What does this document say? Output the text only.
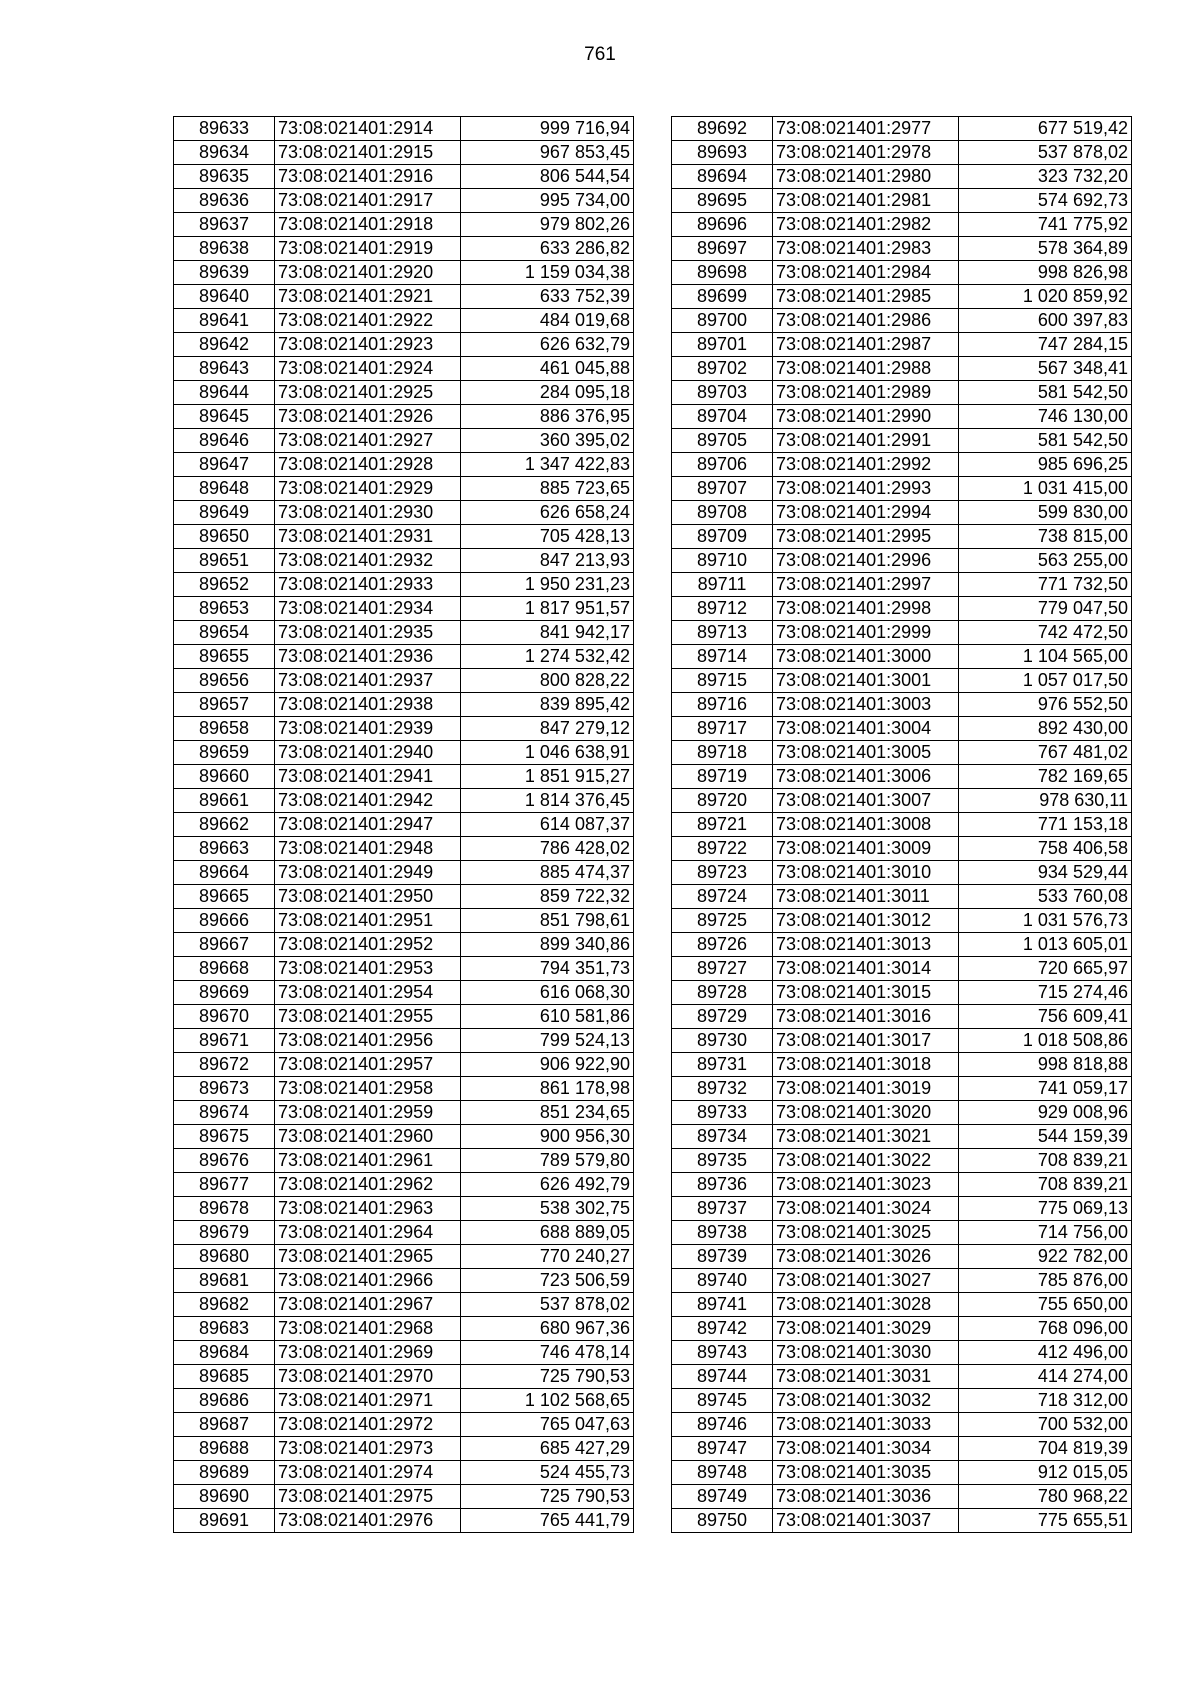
761
89633	73:08:021401:2914	999 716,94
89634	73:08:021401:2915	967 853,45
89635	73:08:021401:2916	806 544,54
89636	73:08:021401:2917	995 734,00
89637	73:08:021401:2918	979 802,26
89638	73:08:021401:2919	633 286,82
89639	73:08:021401:2920	1 159 034,38
89640	73:08:021401:2921	633 752,39
89641	73:08:021401:2922	484 019,68
89642	73:08:021401:2923	626 632,79
89643	73:08:021401:2924	461 045,88
89644	73:08:021401:2925	284 095,18
89645	73:08:021401:2926	886 376,95
89646	73:08:021401:2927	360 395,02
89647	73:08:021401:2928	1 347 422,83
89648	73:08:021401:2929	885 723,65
89649	73:08:021401:2930	626 658,24
89650	73:08:021401:2931	705 428,13
89651	73:08:021401:2932	847 213,93
89652	73:08:021401:2933	1 950 231,23
89653	73:08:021401:2934	1 817 951,57
89654	73:08:021401:2935	841 942,17
89655	73:08:021401:2936	1 274 532,42
89656	73:08:021401:2937	800 828,22
89657	73:08:021401:2938	839 895,42
89658	73:08:021401:2939	847 279,12
89659	73:08:021401:2940	1 046 638,91
89660	73:08:021401:2941	1 851 915,27
89661	73:08:021401:2942	1 814 376,45
89662	73:08:021401:2947	614 087,37
89663	73:08:021401:2948	786 428,02
89664	73:08:021401:2949	885 474,37
89665	73:08:021401:2950	859 722,32
89666	73:08:021401:2951	851 798,61
89667	73:08:021401:2952	899 340,86
89668	73:08:021401:2953	794 351,73
89669	73:08:021401:2954	616 068,30
89670	73:08:021401:2955	610 581,86
89671	73:08:021401:2956	799 524,13
89672	73:08:021401:2957	906 922,90
89673	73:08:021401:2958	861 178,98
89674	73:08:021401:2959	851 234,65
89675	73:08:021401:2960	900 956,30
89676	73:08:021401:2961	789 579,80
89677	73:08:021401:2962	626 492,79
89678	73:08:021401:2963	538 302,75
89679	73:08:021401:2964	688 889,05
89680	73:08:021401:2965	770 240,27
89681	73:08:021401:2966	723 506,59
89682	73:08:021401:2967	537 878,02
89683	73:08:021401:2968	680 967,36
89684	73:08:021401:2969	746 478,14
89685	73:08:021401:2970	725 790,53
89686	73:08:021401:2971	1 102 568,65
89687	73:08:021401:2972	765 047,63
89688	73:08:021401:2973	685 427,29
89689	73:08:021401:2974	524 455,73
89690	73:08:021401:2975	725 790,53
89691	73:08:021401:2976	765 441,79
89692	73:08:021401:2977	677 519,42
89693	73:08:021401:2978	537 878,02
89694	73:08:021401:2980	323 732,20
89695	73:08:021401:2981	574 692,73
89696	73:08:021401:2982	741 775,92
89697	73:08:021401:2983	578 364,89
89698	73:08:021401:2984	998 826,98
89699	73:08:021401:2985	1 020 859,92
89700	73:08:021401:2986	600 397,83
89701	73:08:021401:2987	747 284,15
89702	73:08:021401:2988	567 348,41
89703	73:08:021401:2989	581 542,50
89704	73:08:021401:2990	746 130,00
89705	73:08:021401:2991	581 542,50
89706	73:08:021401:2992	985 696,25
89707	73:08:021401:2993	1 031 415,00
89708	73:08:021401:2994	599 830,00
89709	73:08:021401:2995	738 815,00
89710	73:08:021401:2996	563 255,00
89711	73:08:021401:2997	771 732,50
89712	73:08:021401:2998	779 047,50
89713	73:08:021401:2999	742 472,50
89714	73:08:021401:3000	1 104 565,00
89715	73:08:021401:3001	1 057 017,50
89716	73:08:021401:3003	976 552,50
89717	73:08:021401:3004	892 430,00
89718	73:08:021401:3005	767 481,02
89719	73:08:021401:3006	782 169,65
89720	73:08:021401:3007	978 630,11
89721	73:08:021401:3008	771 153,18
89722	73:08:021401:3009	758 406,58
89723	73:08:021401:3010	934 529,44
89724	73:08:021401:3011	533 760,08
89725	73:08:021401:3012	1 031 576,73
89726	73:08:021401:3013	1 013 605,01
89727	73:08:021401:3014	720 665,97
89728	73:08:021401:3015	715 274,46
89729	73:08:021401:3016	756 609,41
89730	73:08:021401:3017	1 018 508,86
89731	73:08:021401:3018	998 818,88
89732	73:08:021401:3019	741 059,17
89733	73:08:021401:3020	929 008,96
89734	73:08:021401:3021	544 159,39
89735	73:08:021401:3022	708 839,21
89736	73:08:021401:3023	708 839,21
89737	73:08:021401:3024	775 069,13
89738	73:08:021401:3025	714 756,00
89739	73:08:021401:3026	922 782,00
89740	73:08:021401:3027	785 876,00
89741	73:08:021401:3028	755 650,00
89742	73:08:021401:3029	768 096,00
89743	73:08:021401:3030	412 496,00
89744	73:08:021401:3031	414 274,00
89745	73:08:021401:3032	718 312,00
89746	73:08:021401:3033	700 532,00
89747	73:08:021401:3034	704 819,39
89748	73:08:021401:3035	912 015,05
89749	73:08:021401:3036	780 968,22
89750	73:08:021401:3037	775 655,51
